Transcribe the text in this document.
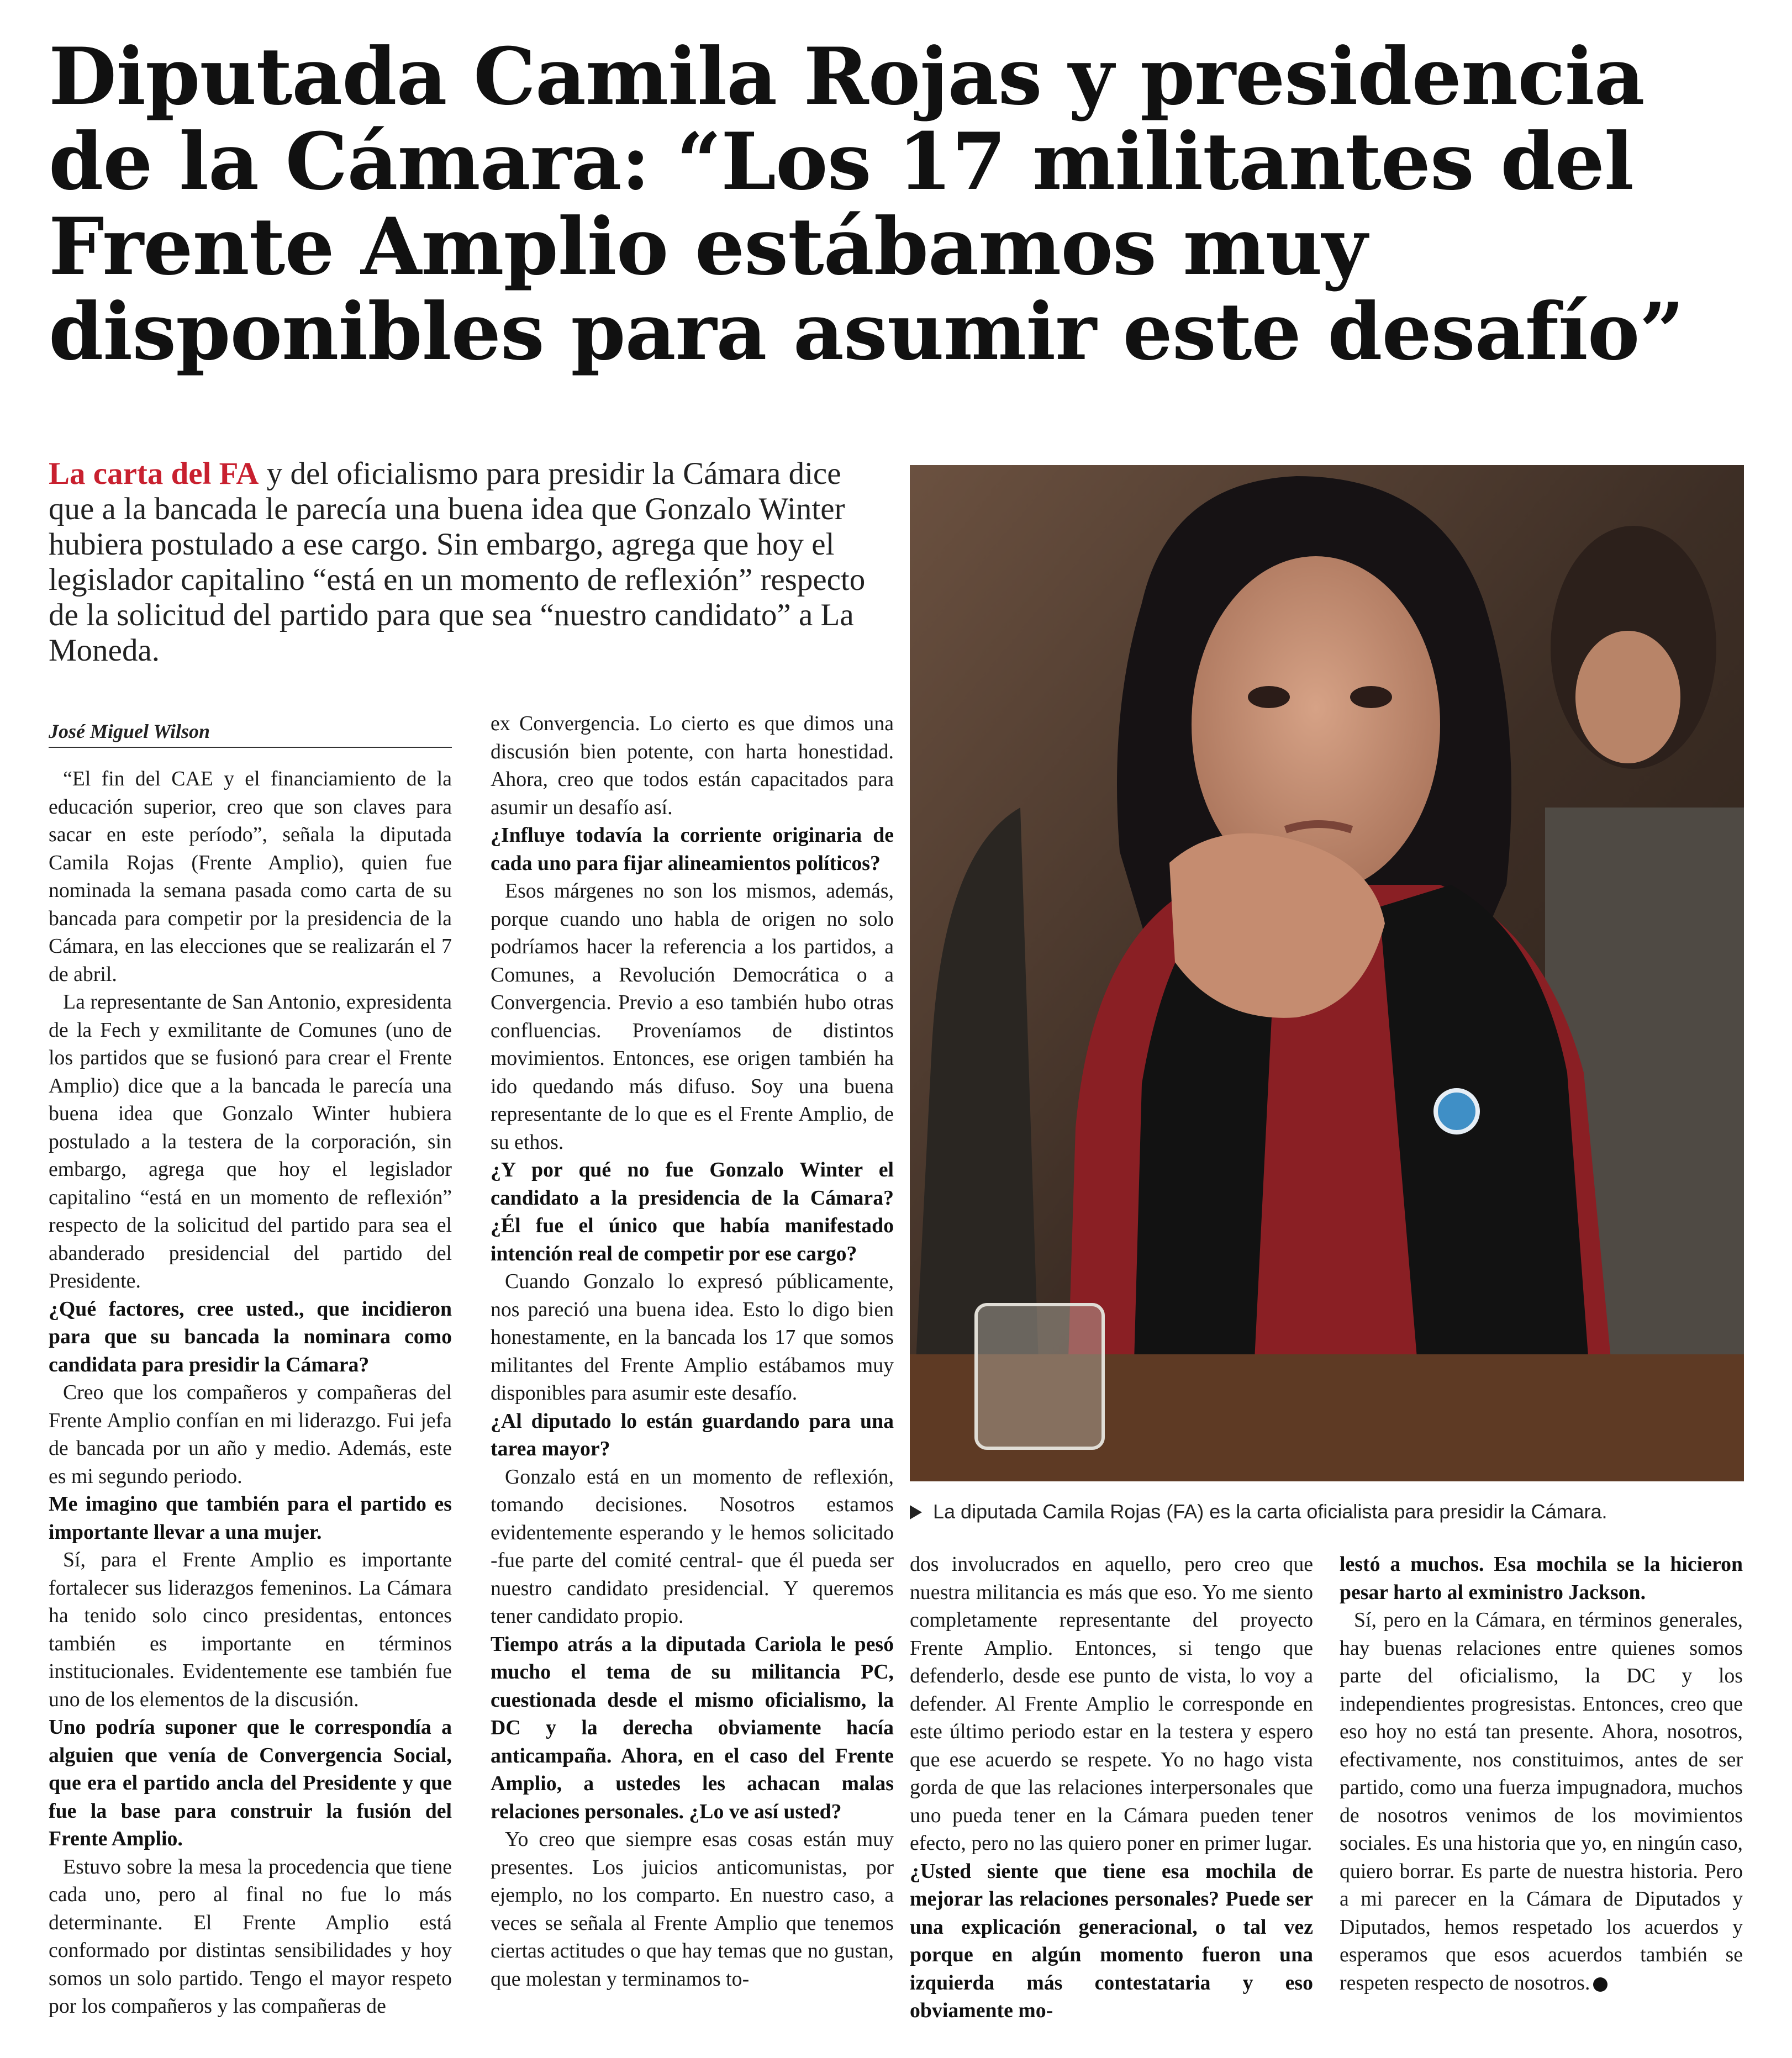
Diputada Camila Rojas y presidencia de la Cámara: “Los 17 militantes del Frente Amplio estábamos muy disponibles para asumir este desafío”
La carta del FA y del oficialismo para presidir la Cámara dice que a la bancada le parecía una buena idea que Gonzalo Winter hubiera postulado a ese cargo. Sin embargo, agrega que hoy el legislador capitalino “está en un momento de reflexión” respecto de la solicitud del partido para que sea “nuestro candidato” a La Moneda.
José Miguel Wilson

“El fin del CAE y el financiamiento de la educación superior, creo que son claves para sacar en este período”, señala la diputada Camila Rojas (Frente Amplio), quien fue nominada la semana pasada como carta de su bancada para competir por la presidencia de la Cámara, en las elecciones que se realizarán el 7 de abril.

La representante de San Antonio, expresidenta de la Fech y exmilitante de Comunes (uno de los partidos que se fusionó para crear el Frente Amplio) dice que a la bancada le parecía una buena idea que Gonzalo Winter hubiera postulado a la testera de la corporación, sin embargo, agrega que hoy el legislador capitalino “está en un momento de reflexión” respecto de la solicitud del partido para sea el abanderado presidencial del partido del Presidente.

¿Qué factores, cree usted., que incidieron para que su bancada la nominara como candidata para presidir la Cámara?

Creo que los compañeros y compañeras del Frente Amplio confían en mi liderazgo. Fui jefa de bancada por un año y medio. Además, este es mi segundo periodo.

Me imagino que también para el partido es importante llevar a una mujer.

Sí, para el Frente Amplio es importante fortalecer sus liderazgos femeninos. La Cámara ha tenido solo cinco presidentas, entonces también es importante en términos institucionales. Evidentemente ese también fue uno de los elementos de la discusión.

Uno podría suponer que le correspondía a alguien que venía de Convergencia Social, que era el partido ancla del Presidente y que fue la base para construir la fusión del Frente Amplio.

Estuvo sobre la mesa la procedencia que tiene cada uno, pero al final no fue lo más determinante. El Frente Amplio está conformado por distintas sensibilidades y hoy somos un solo partido. Tengo el mayor respeto por los compañeros y las compañeras de

ex Convergencia. Lo cierto es que dimos una discusión bien potente, con harta honestidad. Ahora, creo que todos están capacitados para asumir un desafío así.

¿Influye todavía la corriente originaria de cada uno para fijar alineamientos políticos?

Esos márgenes no son los mismos, además, porque cuando uno habla de origen no solo podríamos hacer la referencia a los partidos, a Comunes, a Revolución Democrática o a Convergencia. Previo a eso también hubo otras confluencias. Proveníamos de distintos movimientos. Entonces, ese origen también ha ido quedando más difuso. Soy una buena representante de lo que es el Frente Amplio, de su ethos.

¿Y por qué no fue Gonzalo Winter el candidato a la presidencia de la Cámara? ¿Él fue el único que había manifestado intención real de competir por ese cargo?

Cuando Gonzalo lo expresó públicamente, nos pareció una buena idea. Esto lo digo bien honestamente, en la bancada los 17 que somos militantes del Frente Amplio estábamos muy disponibles para asumir este desafío.

¿Al diputado lo están guardando para una tarea mayor?

Gonzalo está en un momento de reflexión, tomando decisiones. Nosotros estamos evidentemente esperando y le hemos solicitado -fue parte del comité central- que él pueda ser nuestro candidato presidencial. Y queremos tener candidato propio.

Tiempo atrás a la diputada Cariola le pesó mucho el tema de su militancia PC, cuestionada desde el mismo oficialismo, la DC y la derecha obviamente hacía anticampaña. Ahora, en el caso del Frente Amplio, a ustedes les achacan malas relaciones personales. ¿Lo ve así usted?

Yo creo que siempre esas cosas están muy presentes. Los juicios anticomunistas, por ejemplo, no los comparto. En nuestro caso, a veces se señala al Frente Amplio que tenemos ciertas actitudes o que hay temas que no gustan, que molestan y terminamos to-

dos involucrados en aquello, pero creo que nuestra militancia es más que eso. Yo me siento completamente representante del proyecto Frente Amplio. Entonces, si tengo que defenderlo, desde ese punto de vista, lo voy a defender. Al Frente Amplio le corresponde en este último periodo estar en la testera y espero que ese acuerdo se respete. Yo no hago vista gorda de que las relaciones interpersonales que uno pueda tener en la Cámara pueden tener efecto, pero no las quiero poner en primer lugar.

¿Usted siente que tiene esa mochila de mejorar las relaciones personales? Puede ser una explicación generacional, o tal vez porque en algún momento fueron una izquierda más contestataria y eso obviamente mo-

lestó a muchos. Esa mochila se la hicieron pesar harto al exministro Jackson.

Sí, pero en la Cámara, en términos generales, hay buenas relaciones entre quienes somos parte del oficialismo, la DC y los independientes progresistas. Entonces, creo que eso hoy no está tan presente. Ahora, nosotros, efectivamente, nos constituimos, antes de ser partido, como una fuerza impugnadora, muchos de nosotros venimos de los movimientos sociales. Es una historia que yo, en ningún caso, quiero borrar. Es parte de nuestra historia. Pero a mi parecer en la Cámara de Diputados y Diputados, hemos respetado los acuerdos y esperamos que esos acuerdos también se respeten respecto de nosotros.

La diputada Camila Rojas (FA) es la carta oficialista para presidir la Cámara.
